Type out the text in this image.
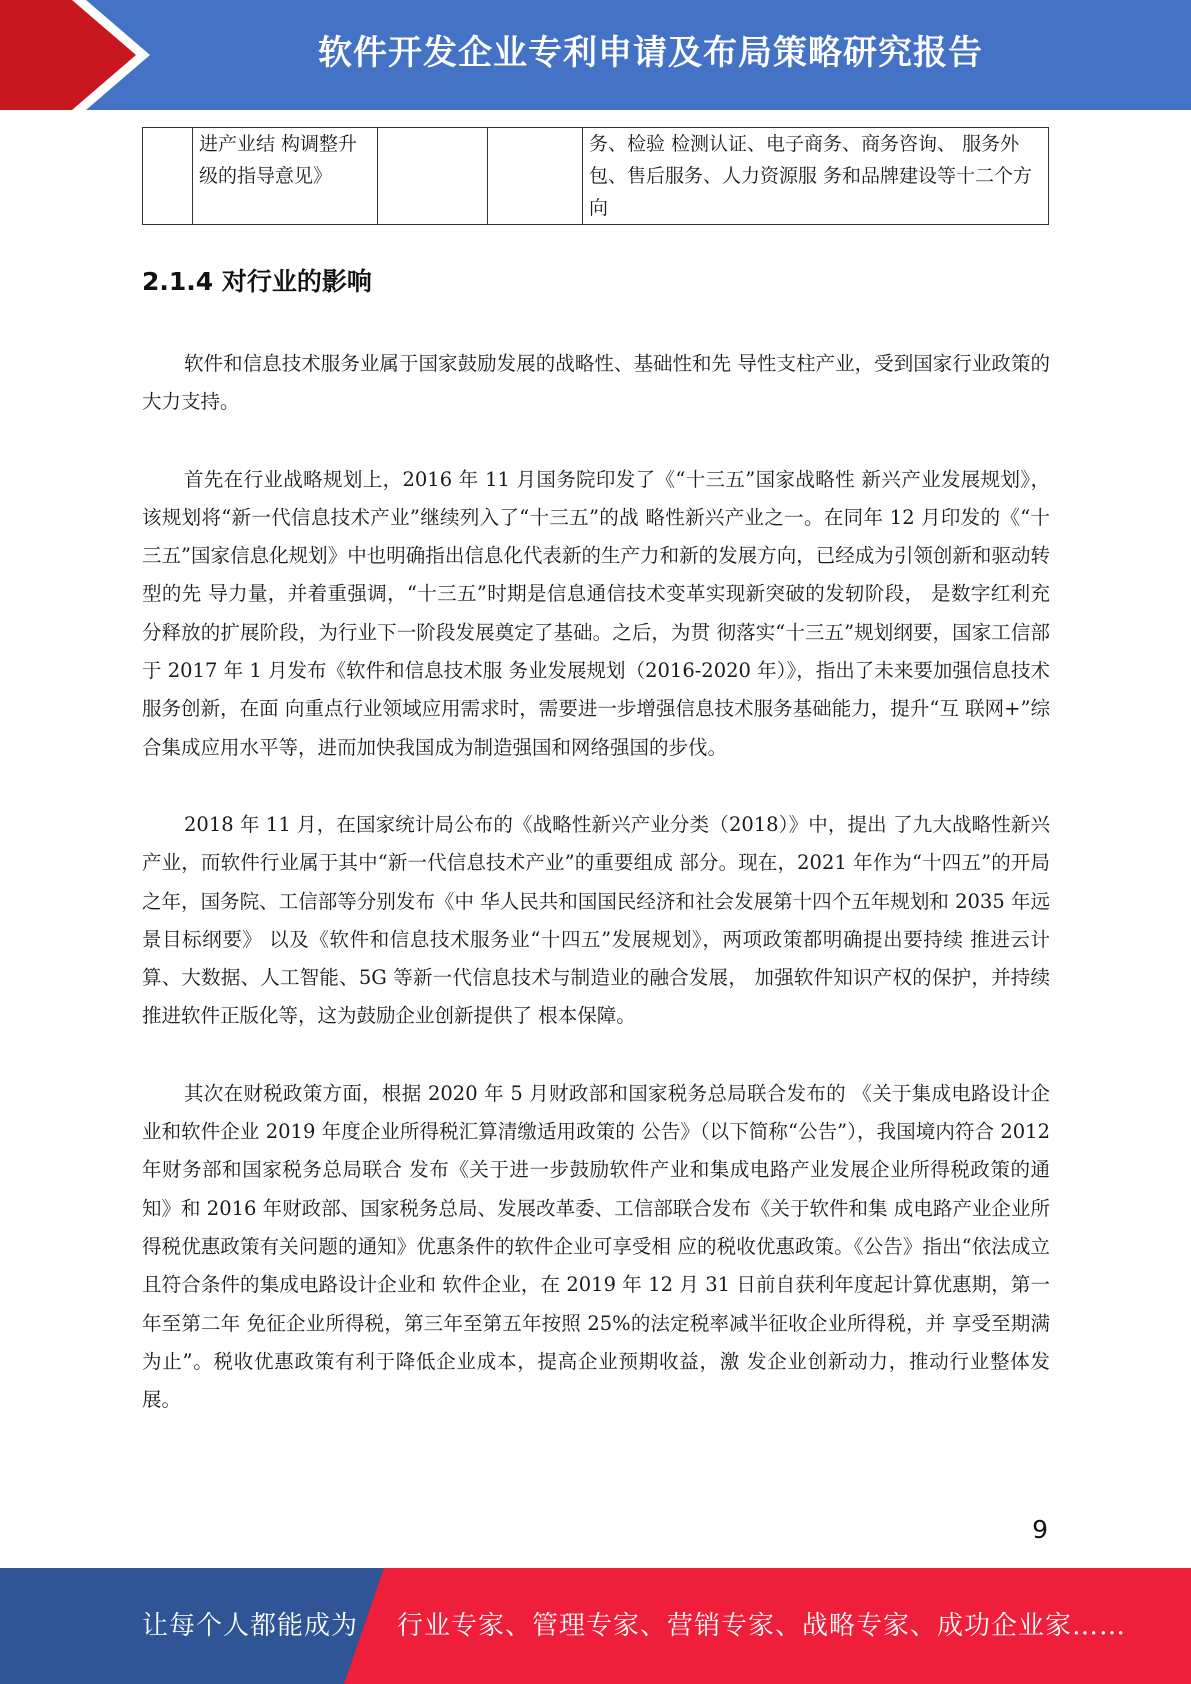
软件开发企业专利申请及布局策略研究报告
	进产业结 构调整升级的指导意见》			务、检验 检测认证、电子商务、商务咨询、 服务外包、售后服务、人力资源服 务和品牌建设等十二个方向
2.1.4 对行业的影响

软件和信息技术服务业属于国家鼓励发展的战略性、基础性和先 导性支柱产业，受到国家行业政策的大力支持。

首先在行业战略规划上，2016 年 11 月国务院印发了《“十三五”国家战略性 新兴产业发展规划》，该规划将“新一代信息技术产业”继续列入了“十三五”的战 略性新兴产业之一。在同年 12 月印发的《“十三五”国家信息化规划》中也明确指出信息化代表新的生产力和新的发展方向，已经成为引领创新和驱动转型的先 导力量，并着重强调，“十三五”时期是信息通信技术变革实现新突破的发轫阶段， 是数字红利充分释放的扩展阶段，为行业下一阶段发展奠定了基础。之后，为贯 彻落实“十三五”规划纲要，国家工信部于 2017 年 1 月发布《软件和信息技术服 务业发展规划（2016-2020 年）》，指出了未来要加强信息技术服务创新，在面 向重点行业领域应用需求时，需要进一步增强信息技术服务基础能力，提升“互 联网+”综合集成应用水平等，进而加快我国成为制造强国和网络强国的步伐。

2018 年 11 月，在国家统计局公布的《战略性新兴产业分类（2018）》中，提出 了九大战略性新兴产业，而软件行业属于其中“新一代信息技术产业”的重要组成 部分。现在，2021 年作为“十四五”的开局之年，国务院、工信部等分别发布《中 华人民共和国国民经济和社会发展第十四个五年规划和 2035 年远景目标纲要》 以及《软件和信息技术服务业“十四五”发展规划》，两项政策都明确提出要持续 推进云计算、大数据、人工智能、5G 等新一代信息技术与制造业的融合发展， 加强软件知识产权的保护，并持续推进软件正版化等，这为鼓励企业创新提供了 根本保障。

其次在财税政策方面，根据 2020 年 5 月财政部和国家税务总局联合发布的 《关于集成电路设计企业和软件企业 2019 年度企业所得税汇算清缴适用政策的 公告》（以下简称“公告”），我国境内符合 2012 年财务部和国家税务总局联合 发布《关于进一步鼓励软件产业和集成电路产业发展企业所得税政策的通知》和 2016 年财政部、国家税务总局、发展改革委、工信部联合发布《关于软件和集 成电路产业企业所得税优惠政策有关问题的通知》优惠条件的软件企业可享受相 应的税收优惠政策。《公告》指出“依法成立且符合条件的集成电路设计企业和 软件企业，在 2019 年 12 月 31 日前自获利年度起计算优惠期，第一年至第二年 免征企业所得税，第三年至第五年按照 25%的法定税率减半征收企业所得税，并 享受至期满为止”。税收优惠政策有利于降低企业成本，提高企业预期收益，激 发企业创新动力，推动行业整体发展。

9
让每个人都能成为 行业专家、管理专家、营销专家、战略专家、成功企业家……
